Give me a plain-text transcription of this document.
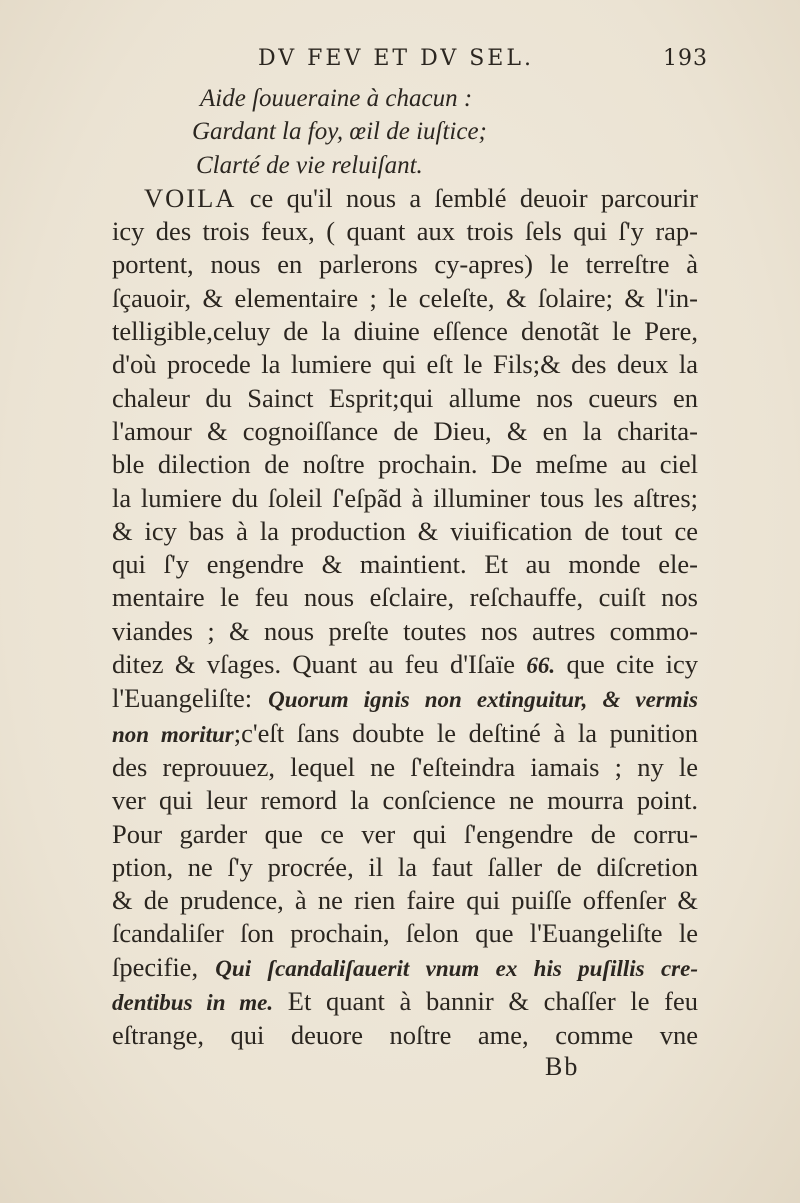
DV FEV ET DV SEL.	193
Aide ſouueraine à chacun :
Gardant la foy, œil de iuſtice;
Clarté de vie reluiſant.
VOILA ce qu'il nous a ſemblé deuoir parcourir
icy des trois feux, ( quant aux trois ſels qui ſ'y rap-
portent, nous en parlerons cy-apres) le terreſtre à
ſçauoir, & elementaire ; le celeſte, & ſolaire; & l'in-
telligible,celuy de la diuine eſſence denotãt le Pere,
d'où procede la lumiere qui eſt le Fils;& des deux la
chaleur du Sainct Esprit;qui allume nos cueurs en
l'amour & cognoiſſance de Dieu, & en la charita-
ble dilection de noſtre prochain. De meſme au ciel
la lumiere du ſoleil ſ'eſpãd à illuminer tous les aſtres;
& icy bas à la production & viuification de tout ce
qui ſ'y engendre & maintient. Et au monde ele-
mentaire le feu nous eſclaire, reſchauffe, cuiſt nos
viandes ; & nous preſte toutes nos autres commo-
ditez & vſages. Quant au feu d'Iſaïe 66. que cite icy
l'Euangeliſte: Quorum ignis non extinguitur, & vermis
non moritur;c'eſt ſans doubte le deſtiné à la punition
des reprouuez, lequel ne ſ'eſteindra iamais ; ny le
ver qui leur remord la conſcience ne mourra point.
Pour garder que ce ver qui ſ'engendre de corru-
ption, ne ſ'y procrée, il la faut ſaller de diſcretion
& de prudence, à ne rien faire qui puiſſe offenſer &
ſcandaliſer ſon prochain, ſelon que l'Euangeliſte le
ſpecifie, Qui ſcandaliſauerit vnum ex his puſillis cre-
dentibus in me. Et quant à bannir & chaſſer le feu
eſtrange, qui deuore noſtre ame, comme vne
Bb
